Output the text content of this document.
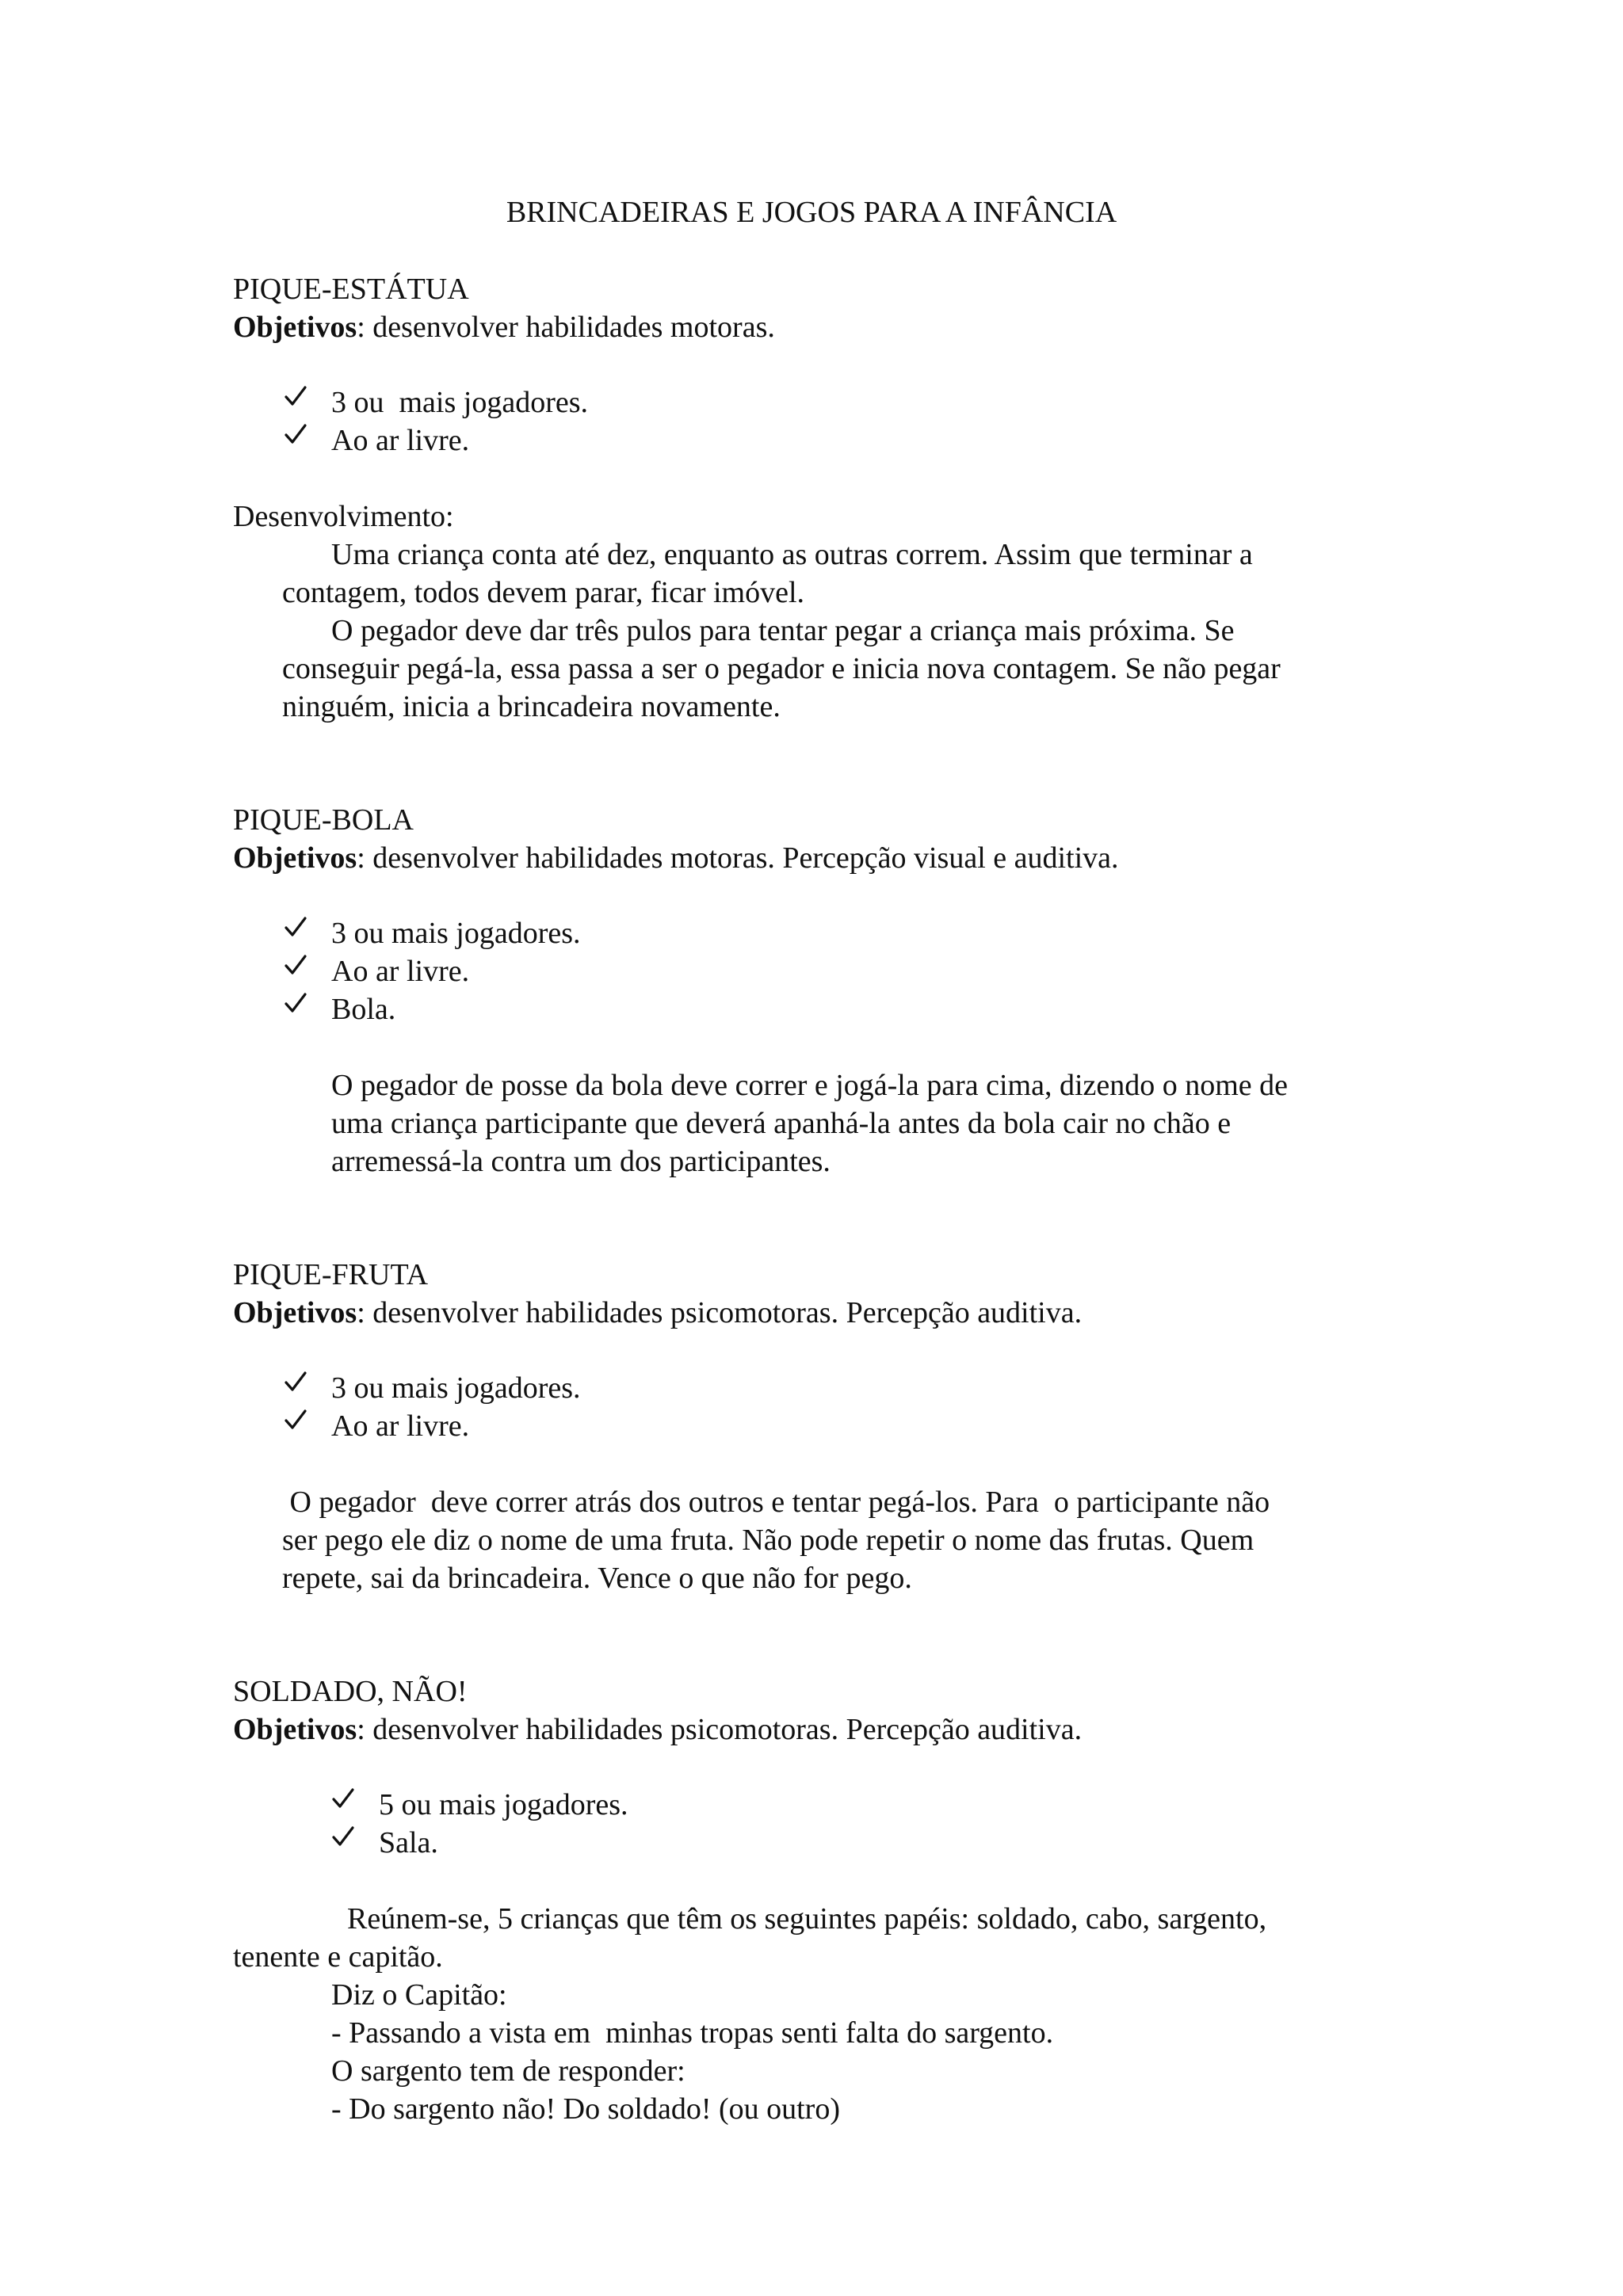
BRINCADEIRAS E JOGOS PARA A INFÂNCIA
PIQUE-ESTÁTUA
Objetivos: desenvolver habilidades motoras.
3 ou  mais jogadores.
Ao ar livre.
Desenvolvimento:
Uma criança conta até dez, enquanto as outras correm. Assim que terminar a
contagem, todos devem parar, ficar imóvel.
O pegador deve dar três pulos para tentar pegar a criança mais próxima. Se
conseguir pegá-la, essa passa a ser o pegador e inicia nova contagem. Se não pegar
ninguém, inicia a brincadeira novamente.
PIQUE-BOLA
Objetivos: desenvolver habilidades motoras. Percepção visual e auditiva.
3 ou mais jogadores.
Ao ar livre.
Bola.
O pegador de posse da bola deve correr e jogá-la para cima, dizendo o nome de
uma criança participante que deverá apanhá-la antes da bola cair no chão e
arremessá-la contra um dos participantes.
PIQUE-FRUTA
Objetivos: desenvolver habilidades psicomotoras. Percepção auditiva.
3 ou mais jogadores.
Ao ar livre.
O pegador  deve correr atrás dos outros e tentar pegá-los. Para  o participante não
ser pego ele diz o nome de uma fruta. Não pode repetir o nome das frutas. Quem
repete, sai da brincadeira. Vence o que não for pego.
SOLDADO, NÃO!
Objetivos: desenvolver habilidades psicomotoras. Percepção auditiva.
5 ou mais jogadores.
Sala.
Reúnem-se, 5 crianças que têm os seguintes papéis: soldado, cabo, sargento,
tenente e capitão.
Diz o Capitão:
- Passando a vista em  minhas tropas senti falta do sargento.
O sargento tem de responder:
- Do sargento não! Do soldado! (ou outro)
